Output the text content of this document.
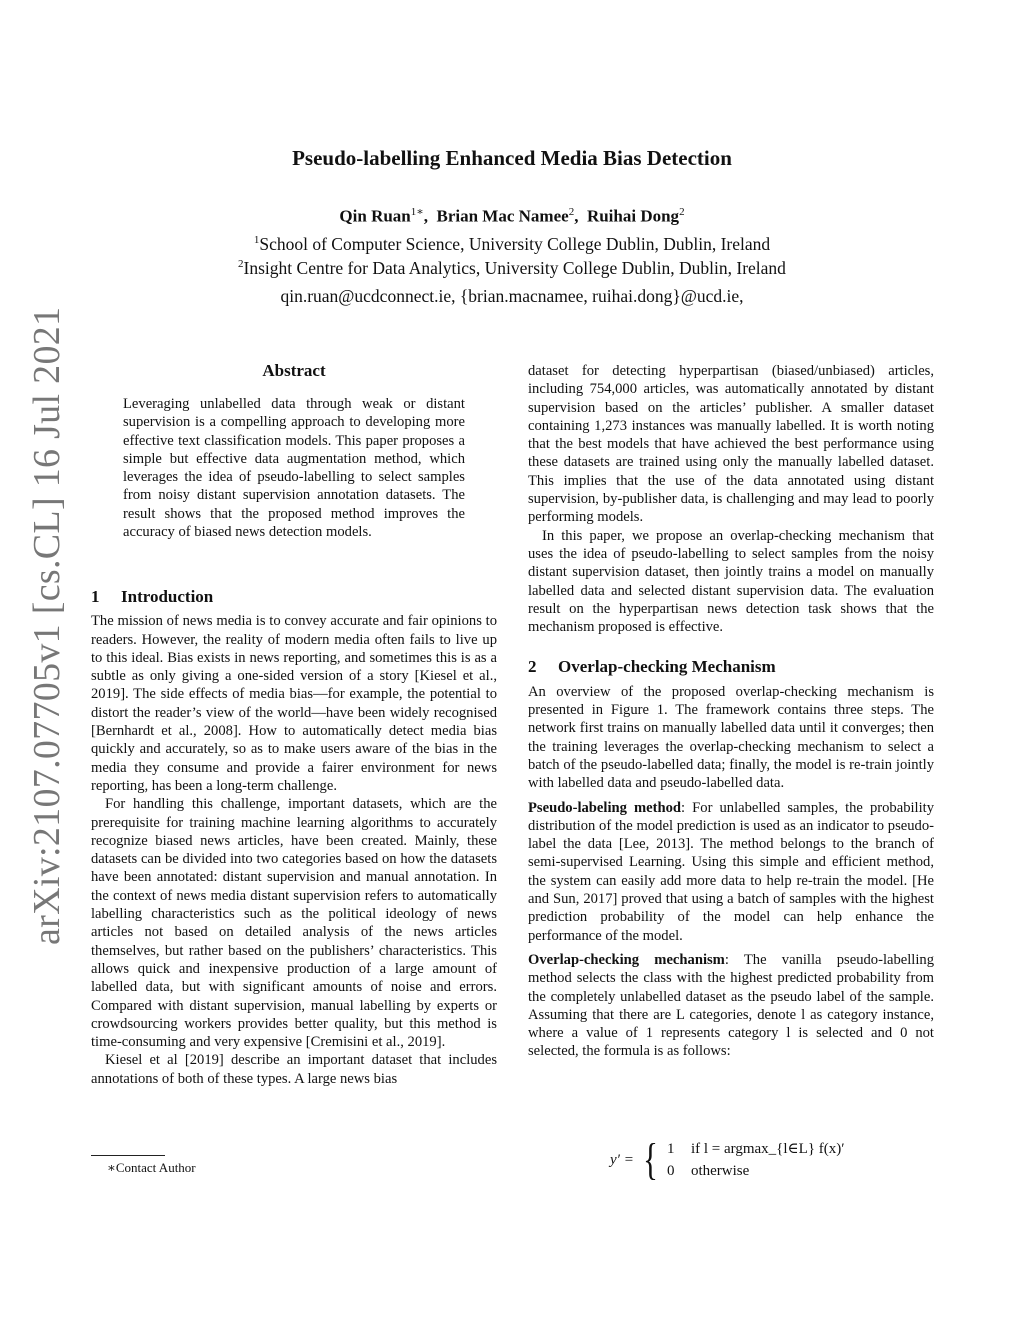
arXiv:2107.07705v1 [cs.CL] 16 Jul 2021
Pseudo-labelling Enhanced Media Bias Detection
Qin Ruan$^{1∗}$,  Brian Mac Namee$^2$,  Ruihai Dong$^2$
$^1$School of Computer Science, University College Dublin, Dublin, Ireland
$^2$Insight Centre for Data Analytics, University College Dublin, Dublin, Ireland
qin.ruan@ucdconnect.ie, {brian.macnamee, ruihai.dong}@ucd.ie,
Abstract
Leveraging unlabelled data through weak or distant supervision is a compelling approach to developing more effective text classification models. This paper proposes a simple but effective data augmentation method, which leverages the idea of pseudo-labelling to select samples from noisy distant supervision annotation datasets. The result shows that the proposed method improves the accuracy of biased news detection models.
1 Introduction

The mission of news media is to convey accurate and fair opinions to readers. However, the reality of modern media often fails to live up to this ideal. Bias exists in news reporting, and sometimes this is as a subtle as only giving a one-sided version of a story [Kiesel et al., 2019]. The side effects of media bias—for example, the potential to distort the reader’s view of the world—have been widely recognised [Bernhardt et al., 2008]. How to automatically detect media bias quickly and accurately, so as to make users aware of the bias in the media they consume and provide a fairer environment for news reporting, has been a long-term challenge.

For handling this challenge, important datasets, which are the prerequisite for training machine learning algorithms to accurately recognize biased news articles, have been created. Mainly, these datasets can be divided into two categories based on how the datasets have been annotated: distant supervision and manual annotation. In the context of news media distant supervision refers to automatically labelling characteristics such as the political ideology of news articles not based on detailed analysis of the news articles themselves, but rather based on the publishers’ characteristics. This allows quick and inexpensive production of a large amount of labelled data, but with significant amounts of noise and errors. Compared with distant supervision, manual labelling by experts or crowdsourcing workers provides better quality, but this method is time-consuming and very expensive [Cremisini et al., 2019].

Kiesel et al [2019] describe an important dataset that includes annotations of both of these types. A large news bias

∗Contact Author

dataset for detecting hyperpartisan (biased/unbiased) articles, including 754,000 articles, was automatically annotated by distant supervision based on the articles’ publisher. A smaller dataset containing 1,273 instances was manually labelled. It is worth noting that the best models that have achieved the best performance using these datasets are trained using only the manually labelled dataset. This implies that the use of the data annotated using distant supervision, by-publisher data, is challenging and may lead to poorly performing models.

In this paper, we propose an overlap-checking mechanism that uses the idea of pseudo-labelling to select samples from the noisy distant supervision dataset, then jointly trains a model on manually labelled data and selected distant supervision data. The evaluation result on the hyperpartisan news detection task shows that the mechanism proposed is effective.

2 Overlap-checking Mechanism

An overview of the proposed overlap-checking mechanism is presented in Figure 1. The framework contains three steps. The network first trains on manually labelled data until it converges; then the training leverages the overlap-checking mechanism to select a batch of the pseudo-labelled data; finally, the model is re-train jointly with labelled data and pseudo-labelled data.

Pseudo-labeling method: For unlabelled samples, the probability distribution of the model prediction is used as an indicator to pseudo-label the data [Lee, 2013]. The method belongs to the branch of semi-supervised Learning. Using this simple and efficient method, the system can easily add more data to help re-train the model. [He and Sun, 2017] proved that using a batch of samples with the highest prediction probability of the model can help enhance the performance of the model.

Overlap-checking mechanism: The vanilla pseudo-labelling method selects the class with the highest predicted probability from the completely unlabelled dataset as the pseudo label of the sample. Assuming that there are L categories, denote l as category instance, where a value of 1 represents category l is selected and 0 not selected, the formula is as follows:

y′ = { 1 if l = argmax_{l∈L} f(x)′
0 otherwise
